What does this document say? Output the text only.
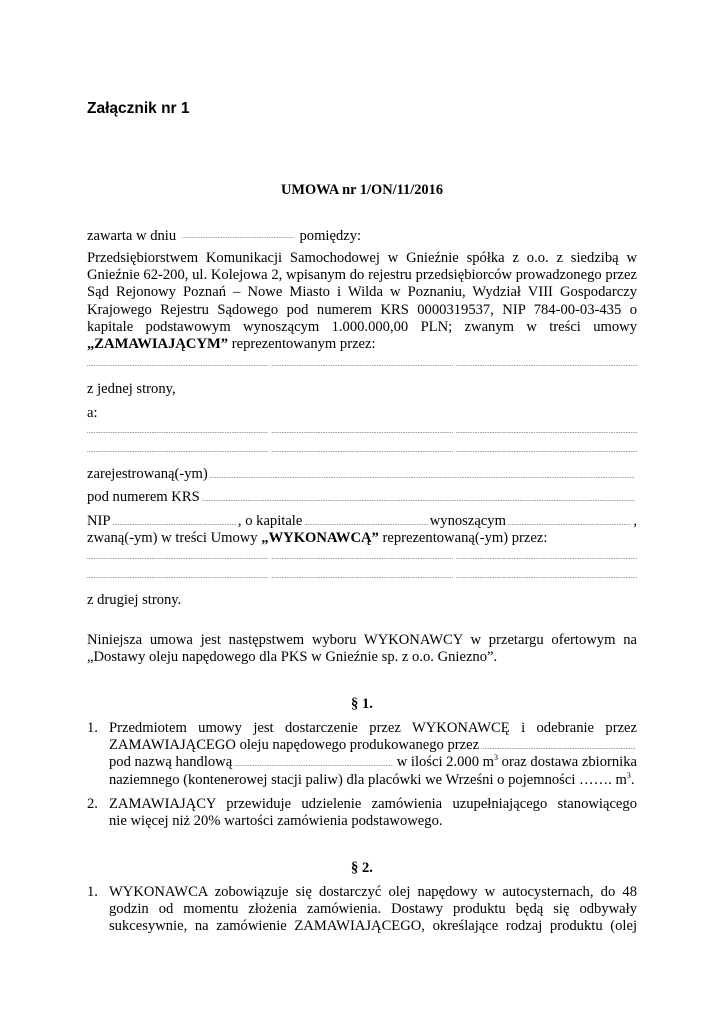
Załącznik nr 1
UMOWA nr 1/ON/11/2016
zawarta w dniu .....	pomiędzy:
Przedsiębiorstwem Komunikacji Samochodowej w Gnieźnie spółka z o.o. z siedzibą w
Gnieźnie 62-200, ul. Kolejowa 2, wpisanym do rejestru przedsiębiorców prowadzonego przez
Sąd Rejonowy Poznań – Nowe Miasto i Wilda w Poznaniu, Wydział VIII Gospodarczy
Krajowego Rejestru Sądowego pod numerem KRS 0000319537, NIP 784-00-03-435 o
kapitale podstawowym wynoszącym 1.000.000,00 PLN; zwanym w treści umowy
„ZAMAWIAJĄCYM” reprezentowanym przez:
.....
.....
.....
z jednej strony,
a:
.....
.....
.....
.....
.....
.....
zarejestrowaną(-ym)
.....
pod numerem KRS
.....
NIP .....	, o kapitale .....	wynoszącym .....	,
zwaną(-ym) w treści Umowy „WYKONAWCĄ” reprezentowaną(-ym) przez:
.....
.....
.....
.....
.....
.....
z drugiej strony.
Niniejsza umowa jest następstwem wyboru WYKONAWCY w przetargu ofertowym na
„Dostawy oleju napędowego dla PKS w Gnieźnie sp. z o.o. Gniezno”.
§ 1.
1. Przedmiotem umowy jest dostarczenie przez WYKONAWCĘ i odebranie przez
ZAMAWIAJĄCEGO oleju napędowego produkowanego przez
.....
pod nazwą handlową .....	w ilości 2.000 $m^3$ oraz dostawa zbiornika
naziemnego (kontenerowej stacji paliw) dla placówki we Wrześni o pojemności ……. $m^3$.
2. ZAMAWIAJĄCY przewiduje udzielenie zamówienia uzupełniającego stanowiącego
nie więcej niż 20% wartości zamówienia podstawowego.
§ 2.
1. WYKONAWCA zobowiązuje się dostarczyć olej napędowy w autocysternach, do 48
godzin od momentu złożenia zamówienia. Dostawy produktu będą się odbywały
sukcesywnie, na zamówienie ZAMAWIAJĄCEGO, określające rodzaj produktu (olej
